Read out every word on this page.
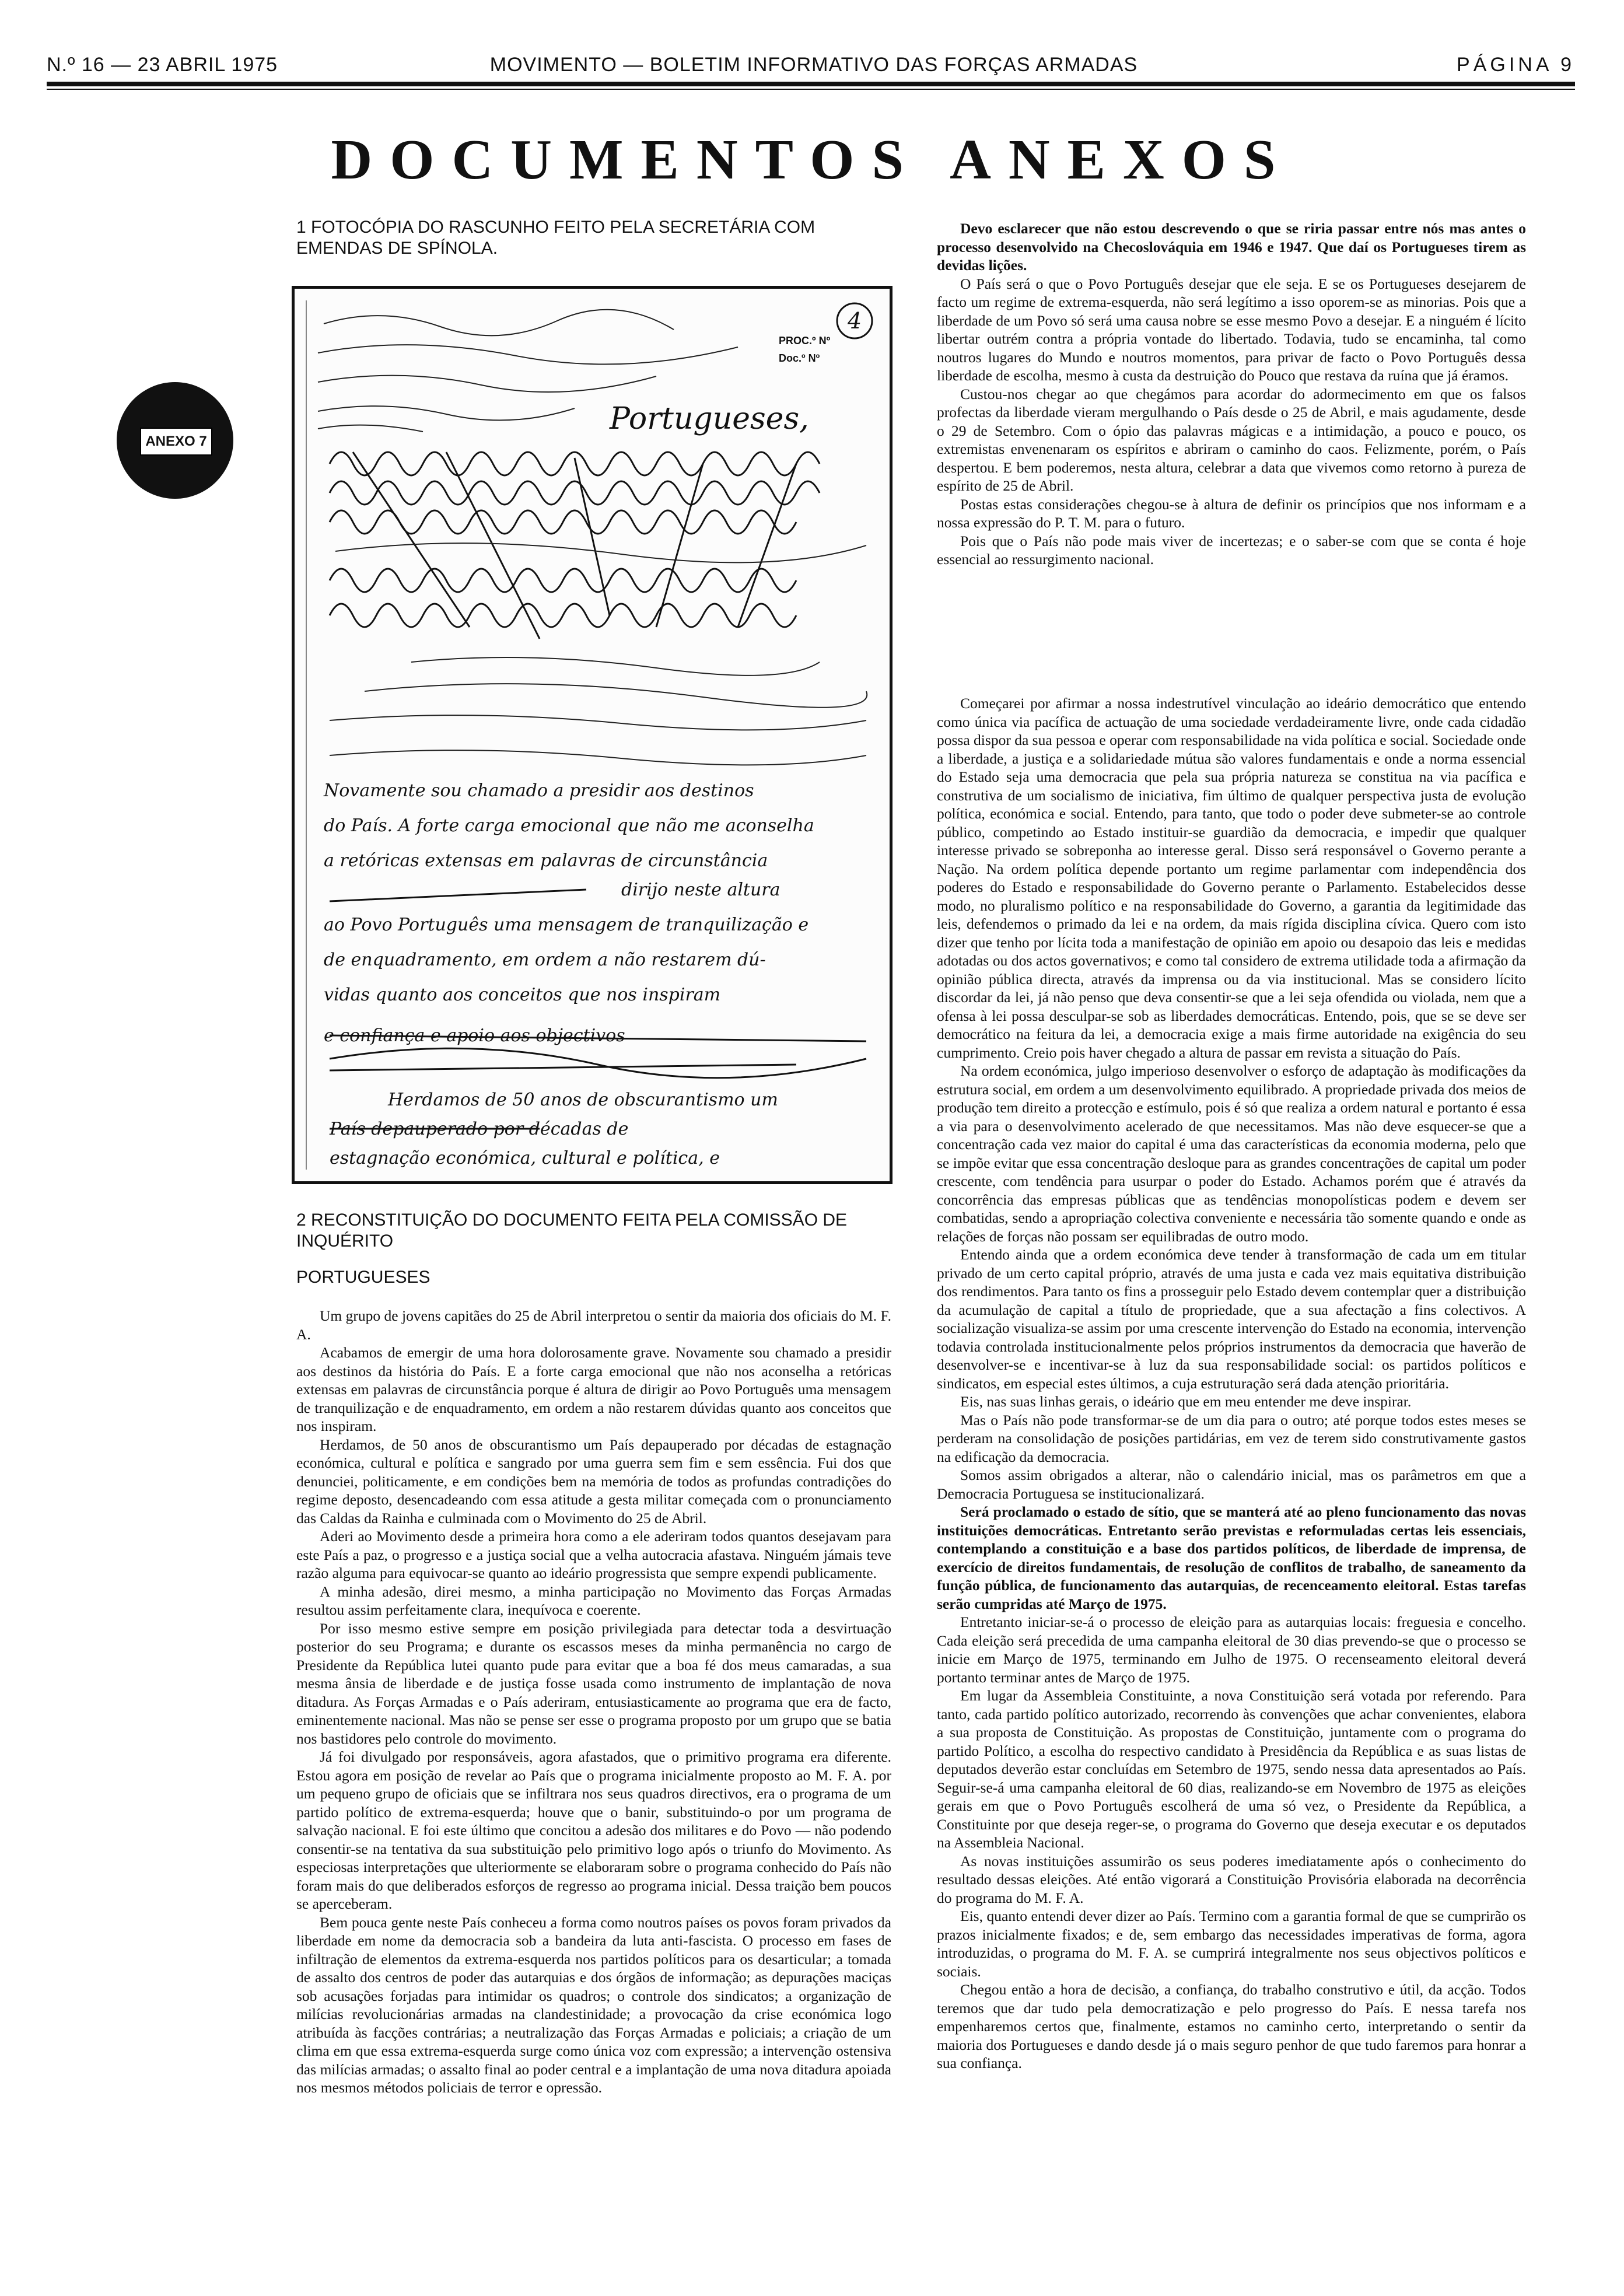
N.º 16 — 23 ABRIL 1975	MOVIMENTO — BOLETIM INFORMATIVO DAS FORÇAS ARMADAS	PÁGINA 9
DOCUMENTOS ANEXOS
ANEXO 7
1 FOTOCÓPIA DO RASCUNHO FEITO PELA SECRETÁRIA COM EMENDAS DE SPÍNOLA.
4
PROC.º Nº
Doc.º Nº
Portugueses,
Novamente sou chamado a presidir aos destinos
do País. A forte carga emocional que não me aconselha
a retóricas extensas em palavras de circunstância
dirijo neste altura
ao Povo Português uma mensagem de tranquilização e
de enquadramento, em ordem a não restarem dú-
vidas quanto aos conceitos que nos inspiram
e confiança e apoio aos objectivos
Herdamos de 50 anos de obscurantismo um
País depauperado por décadas de
estagnação económica, cultural e política, e
2 RECONSTITUIÇÃO DO DOCUMENTO FEITA PELA COMISSÃO DE INQUÉRITO
PORTUGUESES

Um grupo de jovens capitães do 25 de Abril interpretou o sentir da maioria dos oficiais do M. F. A.

Acabamos de emergir de uma hora dolorosamente grave. Novamente sou chamado a presidir aos destinos da história do País. E a forte carga emocional que não nos aconselha a retóricas extensas em palavras de circunstância porque é altura de dirigir ao Povo Português uma mensagem de tranquilização e de enquadramento, em ordem a não restarem dúvidas quanto aos conceitos que nos inspiram.

Herdamos, de 50 anos de obscurantismo um País depauperado por décadas de estagnação económica, cultural e política e sangrado por uma guerra sem fim e sem essência. Fui dos que denunciei, politicamente, e em condições bem na memória de todos as profundas contradições do regime deposto, desencadeando com essa atitude a gesta militar começada com o pronunciamento das Caldas da Rainha e culminada com o Movimento do 25 de Abril.

Aderi ao Movimento desde a primeira hora como a ele aderiram todos quantos desejavam para este País a paz, o progresso e a justiça social que a velha autocracia afastava. Ninguém jámais teve razão alguma para equivocar-se quanto ao ideário progressista que sempre expendi publicamente.

A minha adesão, direi mesmo, a minha participação no Movimento das Forças Armadas resultou assim perfeitamente clara, inequívoca e coerente.

Por isso mesmo estive sempre em posição privilegiada para detectar toda a desvirtuação posterior do seu Programa; e durante os escassos meses da minha permanência no cargo de Presidente da República lutei quanto pude para evitar que a boa fé dos meus camaradas, a sua mesma ânsia de liberdade e de justiça fosse usada como instrumento de implantação de nova ditadura. As Forças Armadas e o País aderiram, entusiasticamente ao programa que era de facto, eminentemente nacional. Mas não se pense ser esse o programa proposto por um grupo que se batia nos bastidores pelo controle do movimento.

Já foi divulgado por responsáveis, agora afastados, que o primitivo programa era diferente. Estou agora em posição de revelar ao País que o programa inicialmente proposto ao M. F. A. por um pequeno grupo de oficiais que se infiltrara nos seus quadros directivos, era o programa de um partido político de extrema-esquerda; houve que o banir, substituindo-o por um programa de salvação nacional. E foi este último que concitou a adesão dos militares e do Povo — não podendo consentir-se na tentativa da sua substituição pelo primitivo logo após o triunfo do Movimento. As especiosas interpretações que ulteriormente se elaboraram sobre o programa conhecido do País não foram mais do que deliberados esforços de regresso ao programa inicial. Dessa traição bem poucos se aperceberam.

Bem pouca gente neste País conheceu a forma como noutros países os povos foram privados da liberdade em nome da democracia sob a bandeira da luta anti-fascista. O processo em fases de infiltração de elementos da extrema-esquerda nos partidos políticos para os desarticular; a tomada de assalto dos centros de poder das autarquias e dos órgãos de informação; as depurações maciças sob acusações forjadas para intimidar os quadros; o controle dos sindicatos; a organização de milícias revolucionárias armadas na clandestinidade; a provocação da crise económica logo atribuída às facções contrárias; a neutralização das Forças Armadas e policiais; a criação de um clima em que essa extrema-esquerda surge como única voz com expressão; a intervenção ostensiva das milícias armadas; o assalto final ao poder central e a implantação de uma nova ditadura apoiada nos mesmos métodos policiais de terror e opressão.

Devo esclarecer que não estou descrevendo o que se riria passar entre nós mas antes o processo desenvolvido na Checoslováquia em 1946 e 1947. Que daí os Portugueses tirem as devidas lições.

O País será o que o Povo Português desejar que ele seja. E se os Portugueses desejarem de facto um regime de extrema-esquerda, não será legítimo a isso oporem-se as minorias. Pois que a liberdade de um Povo só será uma causa nobre se esse mesmo Povo a desejar. E a ninguém é lícito libertar outrém contra a própria vontade do libertado. Todavia, tudo se encaminha, tal como noutros lugares do Mundo e noutros momentos, para privar de facto o Povo Português dessa liberdade de escolha, mesmo à custa da destruição do Pouco que restava da ruína que já éramos.

Custou-nos chegar ao que chegámos para acordar do adormecimento em que os falsos profectas da liberdade vieram mergulhando o País desde o 25 de Abril, e mais agudamente, desde o 29 de Setembro. Com o ópio das palavras mágicas e a intimidação, a pouco e pouco, os extremistas envenenaram os espíritos e abriram o caminho do caos. Felizmente, porém, o País despertou. E bem poderemos, nesta altura, celebrar a data que vivemos como retorno à pureza de espírito de 25 de Abril.

Postas estas considerações chegou-se à altura de definir os princípios que nos informam e a nossa expressão do P. T. M. para o futuro.

Pois que o País não pode mais viver de incertezas; e o saber-se com que se conta é hoje essencial ao ressurgimento nacional.

Começarei por afirmar a nossa indestrutível vinculação ao ideário democrático que entendo como única via pacífica de actuação de uma sociedade verdadeiramente livre, onde cada cidadão possa dispor da sua pessoa e operar com responsabilidade na vida política e social. Sociedade onde a liberdade, a justiça e a solidariedade mútua são valores fundamentais e onde a norma essencial do Estado seja uma democracia que pela sua própria natureza se constitua na via pacífica e construtiva de um socialismo de iniciativa, fim último de qualquer perspectiva justa de evolução política, económica e social. Entendo, para tanto, que todo o poder deve submeter-se ao controle público, competindo ao Estado instituir-se guardião da democracia, e impedir que qualquer interesse privado se sobreponha ao interesse geral. Disso será responsável o Governo perante a Nação. Na ordem política depende portanto um regime parlamentar com independência dos poderes do Estado e responsabilidade do Governo perante o Parlamento. Estabelecidos desse modo, no pluralismo político e na responsabilidade do Governo, a garantia da legitimidade das leis, defendemos o primado da lei e na ordem, da mais rígida disciplina cívica. Quero com isto dizer que tenho por lícita toda a manifestação de opinião em apoio ou desapoio das leis e medidas adotadas ou dos actos governativos; e como tal considero de extrema utilidade toda a afirmação da opinião pública directa, através da imprensa ou da via institucional. Mas se considero lícito discordar da lei, já não penso que deva consentir-se que a lei seja ofendida ou violada, nem que a ofensa à lei possa desculpar-se sob as liberdades democráticas. Entendo, pois, que se se deve ser democrático na feitura da lei, a democracia exige a mais firme autoridade na exigência do seu cumprimento. Creio pois haver chegado a altura de passar em revista a situação do País.

Na ordem económica, julgo imperioso desenvolver o esforço de adaptação às modificações da estrutura social, em ordem a um desenvolvimento equilibrado. A propriedade privada dos meios de produção tem direito a protecção e estímulo, pois é só que realiza a ordem natural e portanto é essa a via para o desenvolvimento acelerado de que necessitamos. Mas não deve esquecer-se que a concentração cada vez maior do capital é uma das características da economia moderna, pelo que se impõe evitar que essa concentração desloque para as grandes concentrações de capital um poder crescente, com tendência para usurpar o poder do Estado. Achamos porém que é através da concorrência das empresas públicas que as tendências monopolísticas podem e devem ser combatidas, sendo a apropriação colectiva conveniente e necessária tão somente quando e onde as relações de forças não possam ser equilibradas de outro modo.

Entendo ainda que a ordem económica deve tender à transformação de cada um em titular privado de um certo capital próprio, através de uma justa e cada vez mais equitativa distribuição dos rendimentos. Para tanto os fins a prosseguir pelo Estado devem contemplar quer a distribuição da acumulação de capital a título de propriedade, que a sua afectação a fins colectivos. A socialização visualiza-se assim por uma crescente intervenção do Estado na economia, intervenção todavia controlada institucionalmente pelos próprios instrumentos da democracia que haverão de desenvolver-se e incentivar-se à luz da sua responsabilidade social: os partidos políticos e sindicatos, em especial estes últimos, a cuja estruturação será dada atenção prioritária.

Eis, nas suas linhas gerais, o ideário que em meu entender me deve inspirar.

Mas o País não pode transformar-se de um dia para o outro; até porque todos estes meses se perderam na consolidação de posições partidárias, em vez de terem sido construtivamente gastos na edificação da democracia.

Somos assim obrigados a alterar, não o calendário inicial, mas os parâmetros em que a Democracia Portuguesa se institucionalizará.

Será proclamado o estado de sítio, que se manterá até ao pleno funcionamento das novas instituições democráticas. Entretanto serão previstas e reformuladas certas leis essenciais, contemplando a constituição e a base dos partidos políticos, de liberdade de imprensa, de exercício de direitos fundamentais, de resolução de conflitos de trabalho, de saneamento da função pública, de funcionamento das autarquias, de recenceamento eleitoral. Estas tarefas serão cumpridas até Março de 1975.

Entretanto iniciar-se-á o processo de eleição para as autarquias locais: freguesia e concelho. Cada eleição será precedida de uma campanha eleitoral de 30 dias prevendo-se que o processo se inicie em Março de 1975, terminando em Julho de 1975. O recenseamento eleitoral deverá portanto terminar antes de Março de 1975.

Em lugar da Assembleia Constituinte, a nova Constituição será votada por referendo. Para tanto, cada partido político autorizado, recorrendo às convenções que achar convenientes, elabora a sua proposta de Constituição. As propostas de Constituição, juntamente com o programa do partido Político, a escolha do respectivo candidato à Presidência da República e as suas listas de deputados deverão estar concluídas em Setembro de 1975, sendo nessa data apresentados ao País. Seguir-se-á uma campanha eleitoral de 60 dias, realizando-se em Novembro de 1975 as eleições gerais em que o Povo Português escolherá de uma só vez, o Presidente da República, a Constituinte por que deseja reger-se, o programa do Governo que deseja executar e os deputados na Assembleia Nacional.

As novas instituições assumirão os seus poderes imediatamente após o conhecimento do resultado dessas eleições. Até então vigorará a Constituição Provisória elaborada na decorrência do programa do M. F. A.

Eis, quanto entendi dever dizer ao País. Termino com a garantia formal de que se cumprirão os prazos inicialmente fixados; e de, sem embargo das necessidades imperativas de forma, agora introduzidas, o programa do M. F. A. se cumprirá integralmente nos seus objectivos políticos e sociais.

Chegou então a hora de decisão, a confiança, do trabalho construtivo e útil, da acção. Todos teremos que dar tudo pela democratização e pelo progresso do País. E nessa tarefa nos empenharemos certos que, finalmente, estamos no caminho certo, interpretando o sentir da maioria dos Portugueses e dando desde já o mais seguro penhor de que tudo faremos para honrar a sua confiança.
